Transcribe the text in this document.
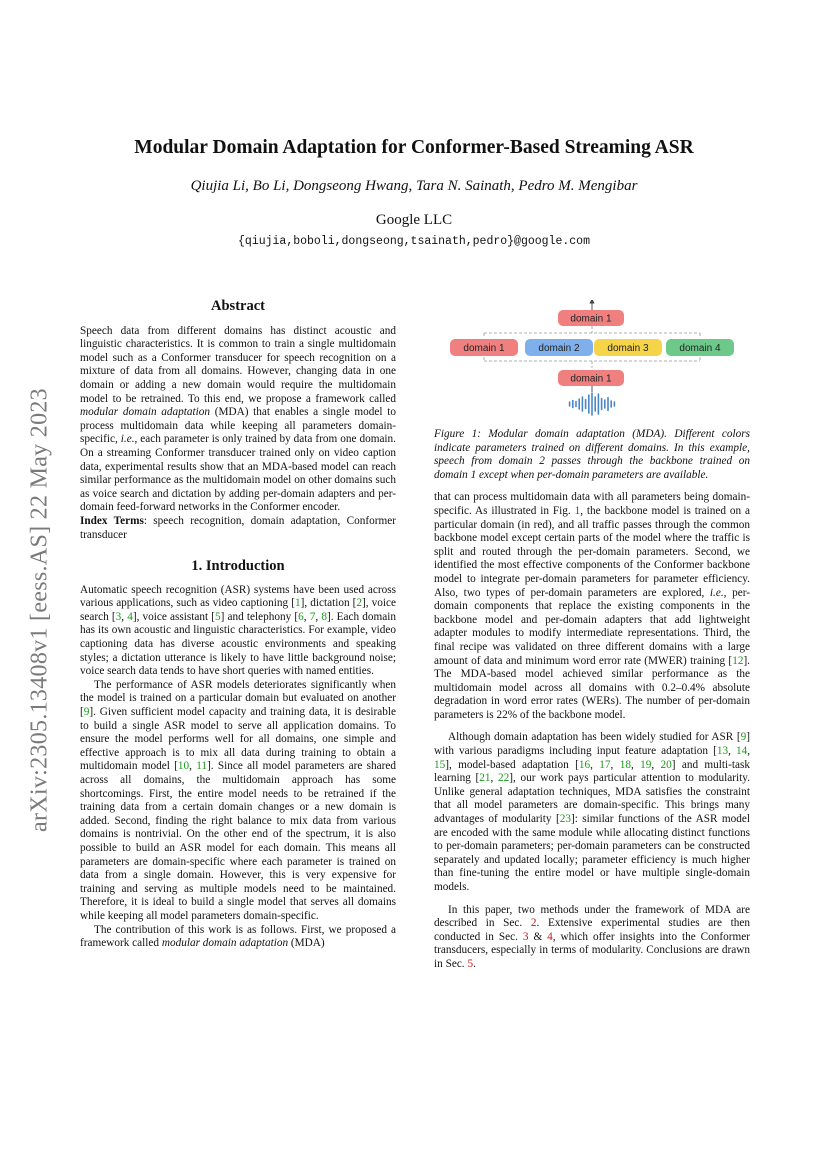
arXiv:2305.13408v1 [eess.AS] 22 May 2023
Modular Domain Adaptation for Conformer-Based Streaming ASR
Qiujia Li, Bo Li, Dongseong Hwang, Tara N. Sainath, Pedro M. Mengibar
Google LLC
{qiujia,boboli,dongseong,tsainath,pedro}@google.com
Abstract

Speech data from different domains has distinct acoustic and linguistic characteristics. It is common to train a single multidomain model such as a Conformer transducer for speech recognition on a mixture of data from all domains. However, changing data in one domain or adding a new domain would require the multidomain model to be retrained. To this end, we propose a framework called modular domain adaptation (MDA) that enables a single model to process multidomain data while keeping all parameters domain-specific, i.e., each parameter is only trained by data from one domain. On a streaming Conformer transducer trained only on video caption data, experimental results show that an MDA-based model can reach similar performance as the multidomain model on other domains such as voice search and dictation by adding per-domain adapters and per-domain feed-forward networks in the Conformer encoder.

Index Terms: speech recognition, domain adaptation, Conformer transducer

1. Introduction

Automatic speech recognition (ASR) systems have been used across various applications, such as video captioning [1], dictation [2], voice search [3, 4], voice assistant [5] and telephony [6, 7, 8]. Each domain has its own acoustic and linguistic characteristics. For example, video captioning data has diverse acoustic environments and speaking styles; a dictation utterance is likely to have little background noise; voice search data tends to have short queries with named entities.

The performance of ASR models deteriorates significantly when the model is trained on a particular domain but evaluated on another [9]. Given sufficient model capacity and training data, it is desirable to build a single ASR model to serve all application domains. To ensure the model performs well for all domains, one simple and effective approach is to mix all data during training to obtain a multidomain model [10, 11]. Since all model parameters are shared across all domains, the multidomain approach has some shortcomings. First, the entire model needs to be retrained if the training data from a certain domain changes or a new domain is added. Second, finding the right balance to mix data from various domains is nontrivial. On the other end of the spectrum, it is also possible to build an ASR model for each domain. This means all parameters are domain-specific where each parameter is trained on data from a single domain. However, this is very expensive for training and serving as multiple models need to be maintained. Therefore, it is ideal to build a single model that serves all domains while keeping all model parameters domain-specific.

The contribution of this work is as follows. First, we proposed a framework called modular domain adaptation (MDA)

domain 1
domain 1	domain 2	domain 3	domain 4
domain 1

Figure 1: Modular domain adaptation (MDA). Different colors indicate parameters trained on different domains. In this example, speech from domain 2 passes through the backbone trained on domain 1 except when per-domain parameters are available.

that can process multidomain data with all parameters being domain-specific. As illustrated in Fig. 1, the backbone model is trained on a particular domain (in red), and all traffic passes through the common backbone model except certain parts of the model where the traffic is split and routed through the per-domain parameters. Second, we identified the most effective components of the Conformer backbone model to integrate per-domain parameters for parameter efficiency. Also, two types of per-domain parameters are explored, i.e., per-domain components that replace the existing components in the backbone model and per-domain adapters that add lightweight adapter modules to modify intermediate representations. Third, the final recipe was validated on three different domains with a large amount of data and minimum word error rate (MWER) training [12]. The MDA-based model achieved similar performance as the multidomain model across all domains with 0.2–0.4% absolute degradation in word error rates (WERs). The number of per-domain parameters is 22% of the backbone model.

Although domain adaptation has been widely studied for ASR [9] with various paradigms including input feature adaptation [13, 14, 15], model-based adaptation [16, 17, 18, 19, 20] and multi-task learning [21, 22], our work pays particular attention to modularity. Unlike general adaptation techniques, MDA satisfies the constraint that all model parameters are domain-specific. This brings many advantages of modularity [23]: similar functions of the ASR model are encoded with the same module while allocating distinct functions to per-domain parameters; per-domain parameters can be constructed separately and updated locally; parameter efficiency is much higher than fine-tuning the entire model or have multiple single-domain models.

In this paper, two methods under the framework of MDA are described in Sec. 2. Extensive experimental studies are then conducted in Sec. 3 & 4, which offer insights into the Conformer transducers, especially in terms of modularity. Conclusions are drawn in Sec. 5.
